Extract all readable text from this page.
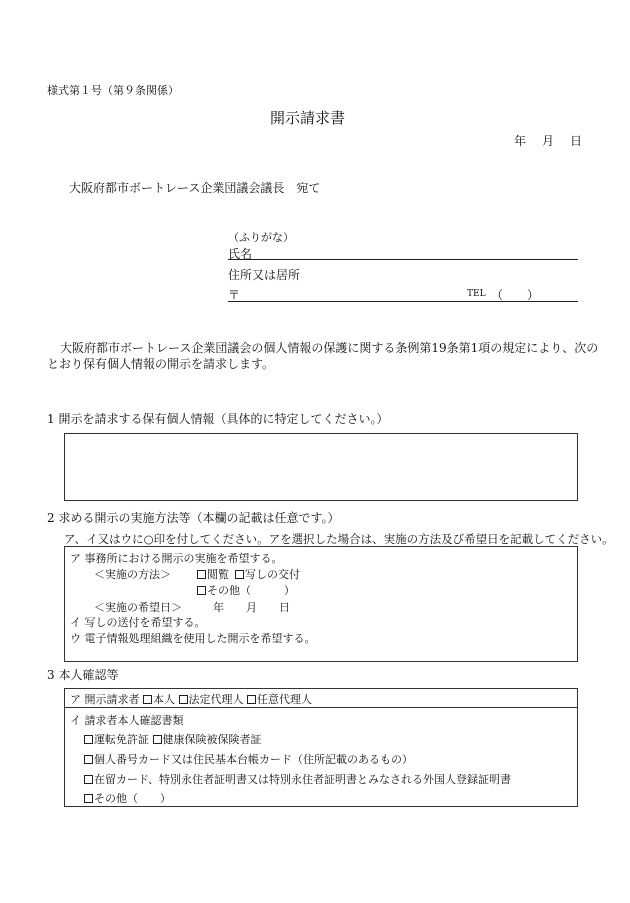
様式第１号（第９条関係）
開示請求書
年 月 日
大阪府都市ボートレース企業団議会議長　宛て
（ふりがな）
氏名
住所又は居所
〒	TEL （　　）
大阪府都市ボートレース企業団議会の個人情報の保護に関する条例第19条第1項の規定により、次の
とおり保有個人情報の開示を請求します。
1 開示を請求する保有個人情報（具体的に特定してください。）
2 求める開示の実施方法等（本欄の記載は任意です。）
ア、イ又はウに○印を付してください。アを選択した場合は、実施の方法及び希望日を記載してください。
ア 事務所における開示の実施を希望する。
＜実施の方法＞	閲覧	写しの交付
その他（　　　）
＜実施の希望日＞	年　　月　　日
イ 写しの送付を希望する。
ウ 電子情報処理組織を使用した開示を希望する。
3 本人確認等
ア 開示請求者 本人 法定代理人 任意代理人
イ 請求者本人確認書類
運転免許証 健康保険被保険者証
個人番号カード又は住民基本台帳カード（住所記載のあるもの）
在留カード、特別永住者証明書又は特別永住者証明書とみなされる外国人登録証明書
その他（　　）
